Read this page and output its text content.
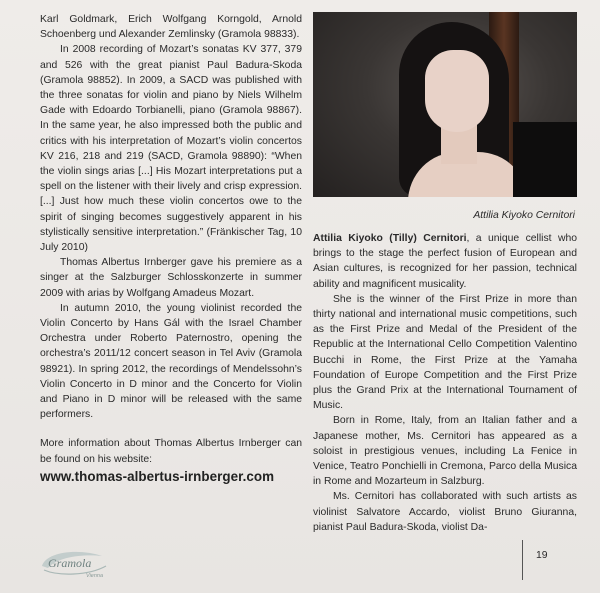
Karl Goldmark, Erich Wolfgang Korngold, Arnold Schoenberg und Alexander Zemlinsky (Gramola 98833).

In 2008 recording of Mozart’s sonatas KV 377, 379 and 526 with the great pianist Paul Badura-Skoda (Gramola 98852). In 2009, a SACD was published with the three sonatas for violin and piano by Niels Wilhelm Gade with Edoardo Torbianelli, piano (Gramola 98867). In the same year, he also impressed both the public and critics with his interpretation of Mozart’s violin concertos KV 216, 218 and 219 (SACD, Gramola 98890): “When the violin sings arias [...] His Mozart interpretations put a spell on the listener with their lively and crisp expression. [...] Just how much these violin concertos owe to the spirit of singing becomes suggestively apparent in his stylistically sensitive interpretation.” (Fränkischer Tag, 10 July 2010)

Thomas Albertus Irnberger gave his premiere as a singer at the Salzburger Schlosskonzerte in summer 2009 with arias by Wolfgang Amadeus Mozart.

In autumn 2010, the young violinist recorded the Violin Concerto by Hans Gál with the Israel Chamber Orchestra under Roberto Paternostro, opening the orchestra’s 2011/12 concert season in Tel Aviv (Gramola 98921). In spring 2012, the recordings of Mendelssohn’s Violin Concerto in D minor and the Concerto for Violin and Piano in D minor will be released with the same performers.

More information about Thomas Albertus Irnberger can be found on his website:

www.thomas-albertus-irnberger.com
Attilia Kiyoko Cernitori

Attilia Kiyoko (Tilly) Cernitori, a unique cellist who brings to the stage the perfect fusion of European and Asian cultures, is recognized for her passion, technical ability and magnificent musicality.

She is the winner of the First Prize in more than thirty national and international music competitions, such as the First Prize and Medal of the President of the Republic at the International Cello Competition Valentino Bucchi in Rome, the First Prize at the Yamaha Foundation of Europe Competition and the First Prize plus the Grand Prix at the International Tournament of Music.

Born in Rome, Italy, from an Italian father and a Japanese mother, Ms. Cernitori has appeared as a soloist in prestigious venues, including La Fenice in Venice, Teatro Ponchielli in Cremona, Parco della Musica in Rome and Mozarteum in Salzburg.

Ms. Cernitori has collaborated with such artists as violinist Salvatore Accardo, violist Bruno Giuranna, pianist Paul Badura-Skoda, violist Da-

Gramola
Vienna
19
